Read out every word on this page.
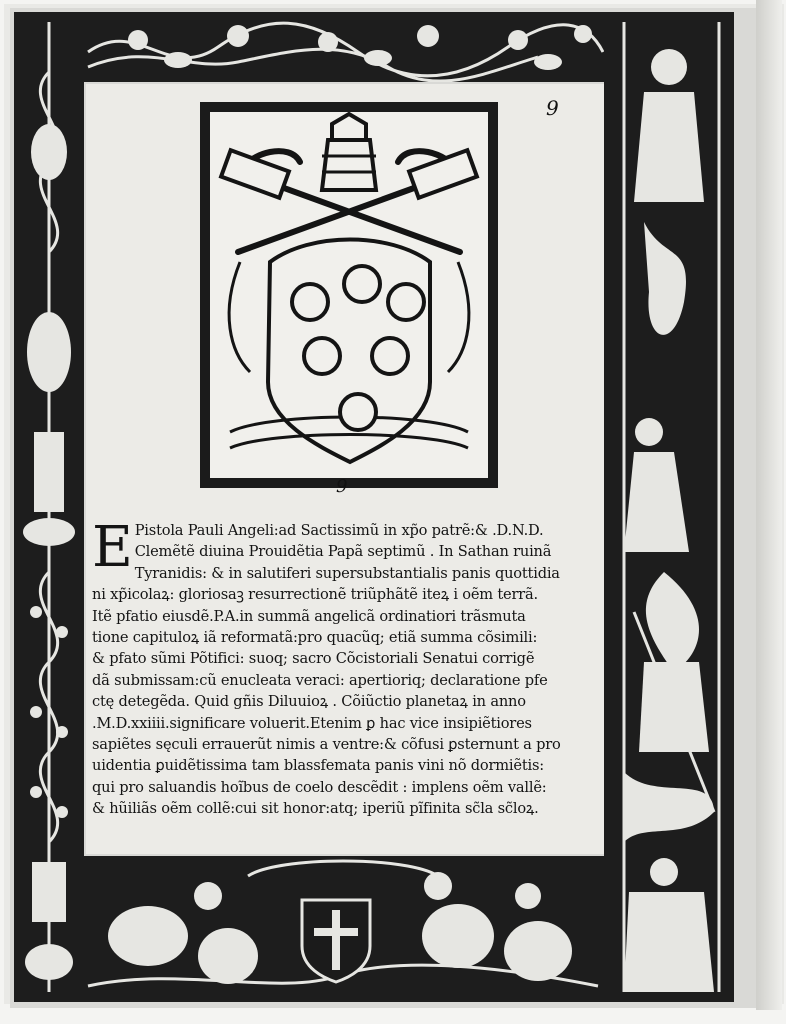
9
9
E Pistola Pauli Angeli:ad Sactissimũ in xp̃o patrẽ:& .D.N.D.
Clemẽtẽ diuina Prouidẽtia Papã septimũ . In Sathan ruinã
Tyranidis: & in salutiferi supersubstantialis panis quottidia
ni xp̃icolaꝝ: gloriosaꝫ resurrectionẽ triũphãtẽ iteꝝ i oẽm terrã.
Itẽ pfatio eiusdẽ.P.A.in summã angelicã ordinatiori trãsmuta
tione capituloꝝ iã reformatã:pro quacũq; etiã summa cõsimili:
& pfato sũmi Põtifici: suoq; sacro Cõcistoriali Senatui corrigẽ
dã submissam:cũ enucleata veraci: apertioriq; declaratione pfe
ctę detegẽda. Quid gñis Diluuioꝝ . Cõiũctio planetaꝝ in anno
.M.D.xxiiii.significare voluerit.Etenim ꝑ hac vice insipiẽtiores
sapiẽtes sęculi errauerũt nimis a ventre:& cõfusi ꝑsternunt a pro
uidentia ꝑuidẽtissima tam blassfemata panis vini nõ dormiẽtis:
qui pro saluandis hoĩbus de coelo descẽdit : implens oẽm vallẽ:
& hũiliãs oẽm collẽ:cui sit honor:atq; iperiũ pĩfinita sc̃la sc̃loꝝ.
